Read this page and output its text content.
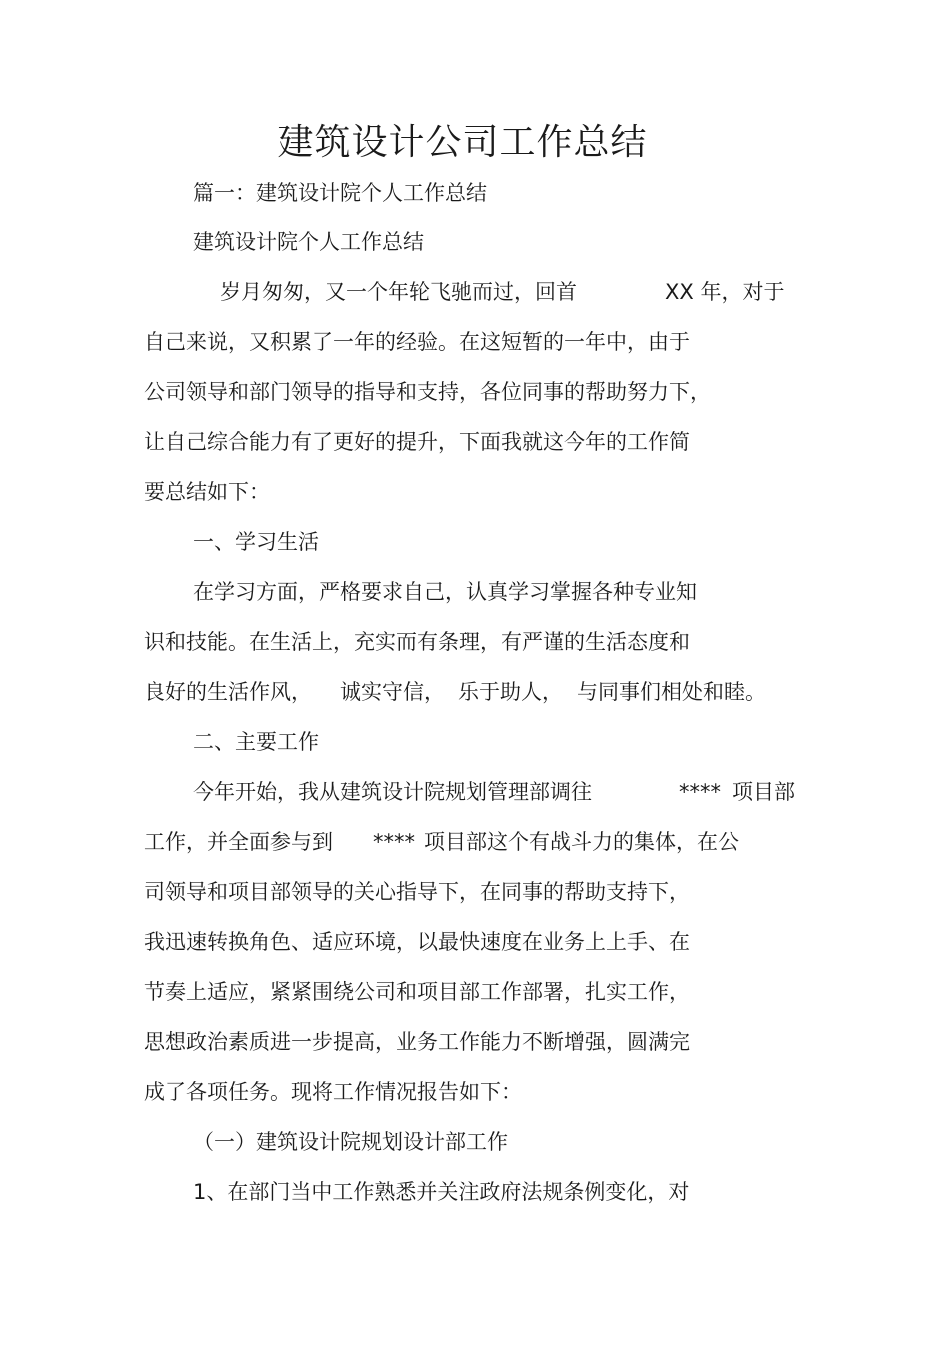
建筑设计公司工作总结
篇一：建筑设计院个人工作总结
建筑设计院个人工作总结
岁月匆匆，又一个年轮飞驰而过，回首	XX 年，对于
自己来说，又积累了一年的经验。在这短暂的一年中，由于
公司领导和部门领导的指导和支持，各位同事的帮助努力下，
让自己综合能力有了更好的提升，下面我就这今年的工作简
要总结如下：
一、学习生活
在学习方面，严格要求自己，认真学习掌握各种专业知
识和技能。在生活上，充实而有条理，有严谨的生活态度和
良好的生活作风， 诚实守信， 乐于助人， 与同事们相处和睦。
二、主要工作
今年开始，我从建筑设计院规划管理部调往	**** 项目部
工作，并全面参与到 **** 项目部这个有战斗力的集体，在公
司领导和项目部领导的关心指导下，在同事的帮助支持下，
我迅速转换角色、适应环境，以最快速度在业务上上手、在
节奏上适应，紧紧围绕公司和项目部工作部署，扎实工作，
思想政治素质进一步提高，业务工作能力不断增强，圆满完
成了各项任务。现将工作情况报告如下：
（一）建筑设计院规划设计部工作
1、在部门当中工作熟悉并关注政府法规条例变化，对
